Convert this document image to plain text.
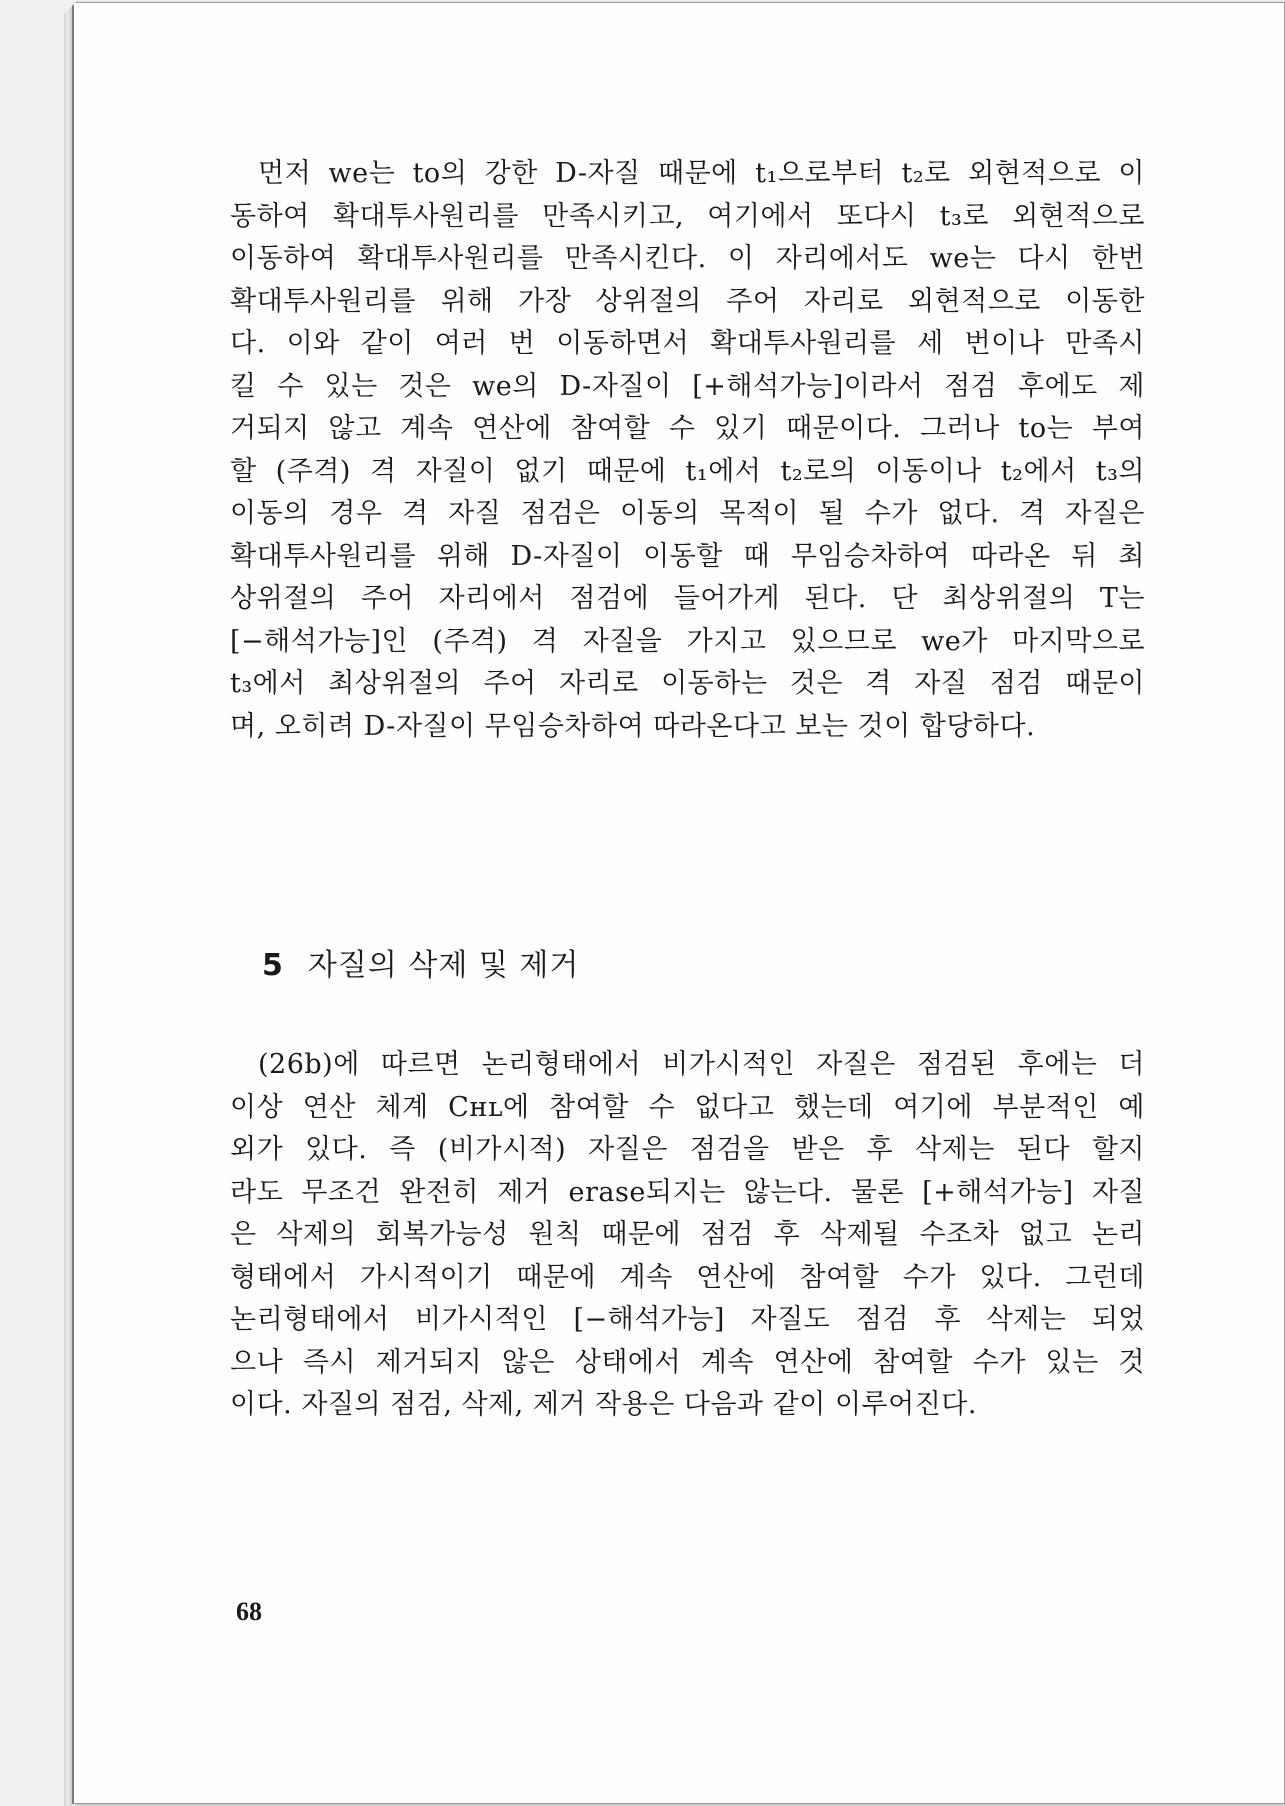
먼저 we는 to의 강한 D-자질 때문에 t₁으로부터 t₂로 외현적으로 이
동하여 확대투사원리를 만족시키고, 여기에서 또다시 t₃로 외현적으로
이동하여 확대투사원리를 만족시킨다. 이 자리에서도 we는 다시 한번
확대투사원리를 위해 가장 상위절의 주어 자리로 외현적으로 이동한
다. 이와 같이 여러 번 이동하면서 확대투사원리를 세 번이나 만족시
킬 수 있는 것은 we의 D-자질이 [+해석가능]이라서 점검 후에도 제
거되지 않고 계속 연산에 참여할 수 있기 때문이다. 그러나 to는 부여
할 (주격) 격 자질이 없기 때문에 t₁에서 t₂로의 이동이나 t₂에서 t₃의
이동의 경우 격 자질 점검은 이동의 목적이 될 수가 없다. 격 자질은
확대투사원리를 위해 D-자질이 이동할 때 무임승차하여 따라온 뒤 최
상위절의 주어 자리에서 점검에 들어가게 된다. 단 최상위절의 T는
[−해석가능]인 (주격) 격 자질을 가지고 있으므로 we가 마지막으로
t₃에서 최상위절의 주어 자리로 이동하는 것은 격 자질 점검 때문이
며, 오히려 D-자질이 무임승차하여 따라온다고 보는 것이 합당하다.
5 자질의 삭제 및 제거
(26b)에 따르면 논리형태에서 비가시적인 자질은 점검된 후에는 더
이상 연산 체계 Cʜʟ에 참여할 수 없다고 했는데 여기에 부분적인 예
외가 있다. 즉 (비가시적) 자질은 점검을 받은 후 삭제는 된다 할지
라도 무조건 완전히 제거 erase되지는 않는다. 물론 [+해석가능] 자질
은 삭제의 회복가능성 원칙 때문에 점검 후 삭제될 수조차 없고 논리
형태에서 가시적이기 때문에 계속 연산에 참여할 수가 있다. 그런데
논리형태에서 비가시적인 [−해석가능] 자질도 점검 후 삭제는 되었
으나 즉시 제거되지 않은 상태에서 계속 연산에 참여할 수가 있는 것
이다. 자질의 점검, 삭제, 제거 작용은 다음과 같이 이루어진다.
68
